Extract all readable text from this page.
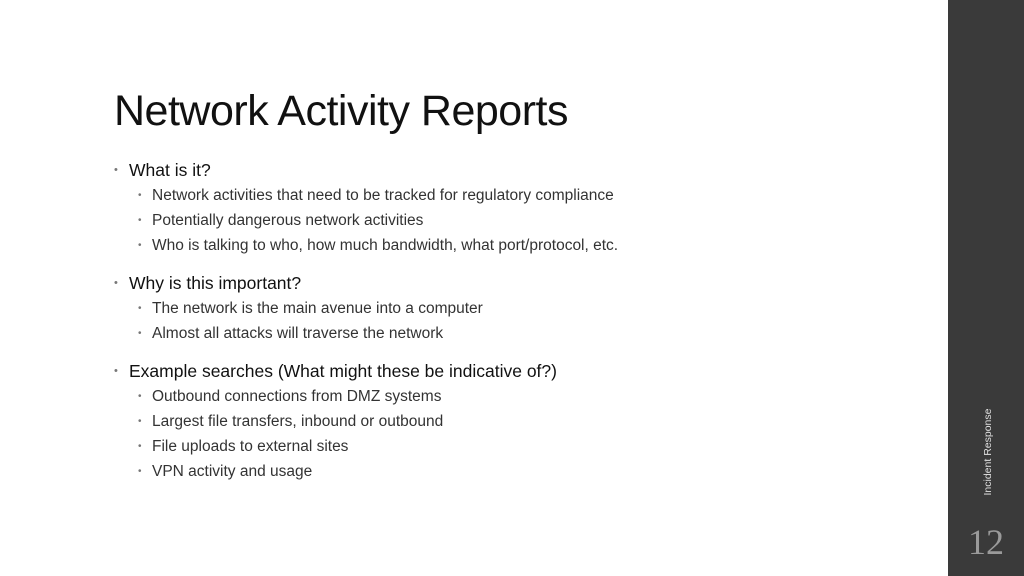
Network Activity Reports
• What is it?
• Network activities that need to be tracked for regulatory compliance
• Potentially dangerous network activities
• Who is talking to who, how much bandwidth, what port/protocol, etc.
• Why is this important?
• The network is the main avenue into a computer
• Almost all attacks will traverse the network
• Example searches (What might these be indicative of?)
• Outbound connections from DMZ systems
• Largest file transfers, inbound or outbound
• File uploads to external sites
• VPN activity and usage	Incident Response
12
